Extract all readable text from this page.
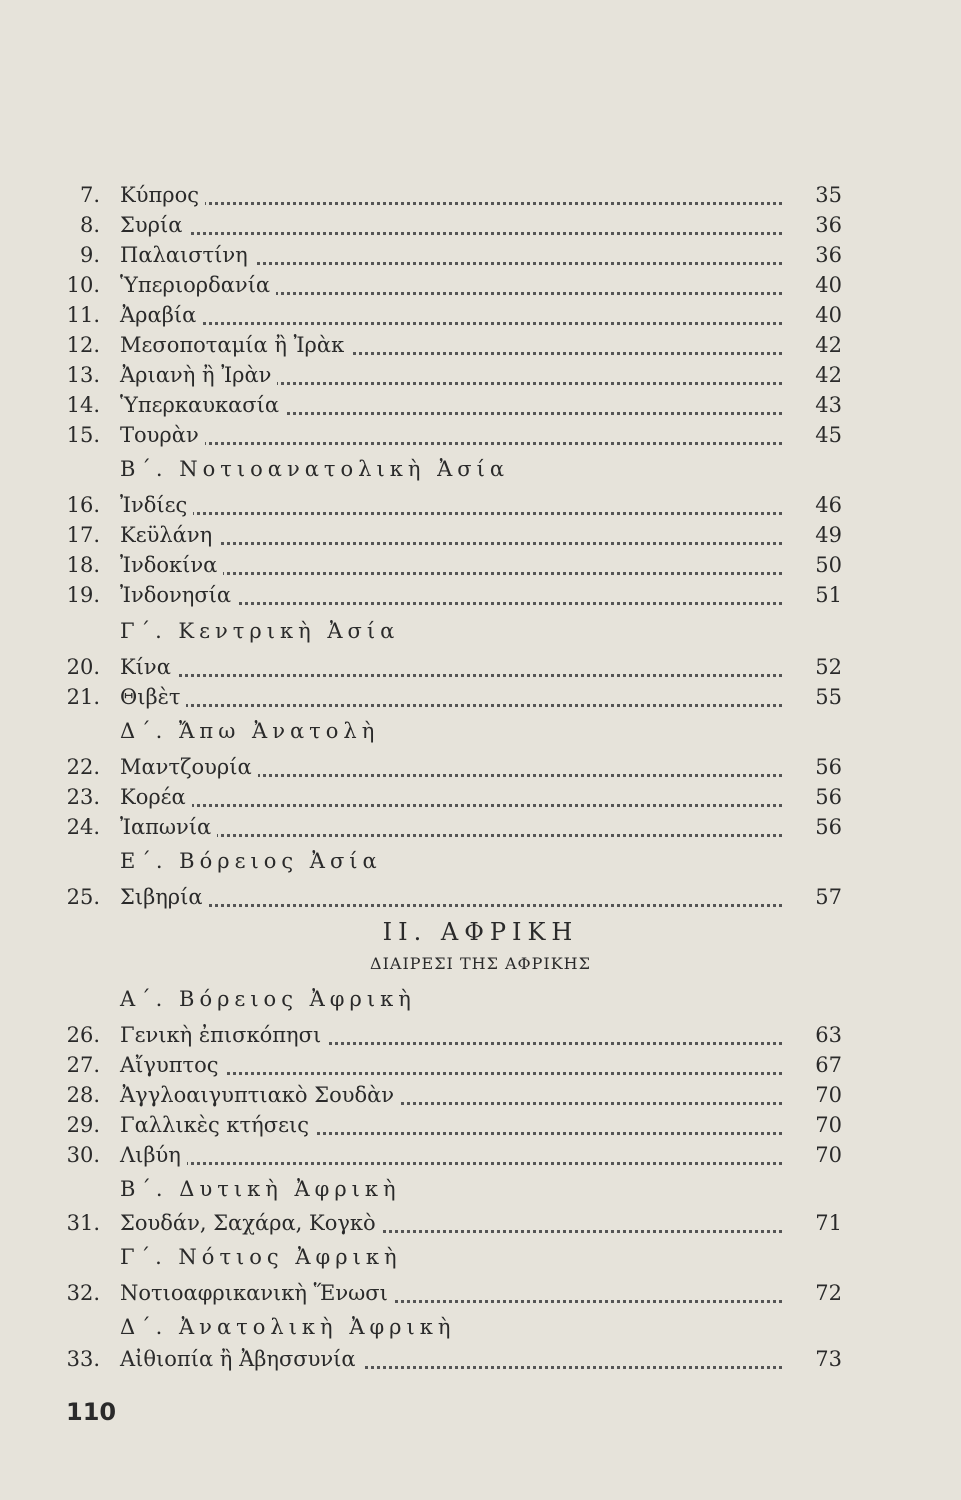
7. Κύπρος	35
8. Συρία	36
9. Παλαιστίνη	36
10. Ὑπεριορδανία	40
11. Ἀραβία	40
12. Μεσοποταμία ἢ Ἰρὰκ	42
13. Ἀριανὴ ἢ Ἰρὰν	42
14. Ὑπερκαυκασία	43
15. Τουρὰν	45
Β΄. Νοτιοανατολικὴ Ἀσία
16. Ἰνδίες	46
17. Κεϋλάνη	49
18. Ἰνδοκίνα	50
19. Ἰνδονησία	51
Γ΄. Κεντρικὴ Ἀσία
20. Κίνα	52
21. Θιβὲτ	55
Δ΄. Ἄπω Ἀνατολὴ
22. Μαντζουρία	56
23. Κορέα	56
24. Ἰαπωνία	56
Ε΄. Βόρειος Ἀσία
25. Σιβηρία	57
ΙΙ. ΑΦΡΙΚΗ
ΔΙΑΙΡΕΣΙ ΤΗΣ ΑΦΡΙΚΗΣ
Α΄. Βόρειος Ἀφρικὴ
26. Γενικὴ ἐπισκόπησι	63
27. Αἴγυπτος	67
28. Ἀγγλοαιγυπτιακὸ Σουδὰν	70
29. Γαλλικὲς κτήσεις	70
30. Λιβύη	70
Β΄. Δυτικὴ Ἀφρικὴ
31. Σουδάν, Σαχάρα, Κογκὸ	71
Γ΄. Νότιος Ἀφρικὴ
32. Νοτιοαφρικανικὴ Ἕνωσι	72
Δ΄. Ἀνατολικὴ Ἀφρικὴ
33. Αἰθιοπία ἢ Ἀβησσυνία	73
110
